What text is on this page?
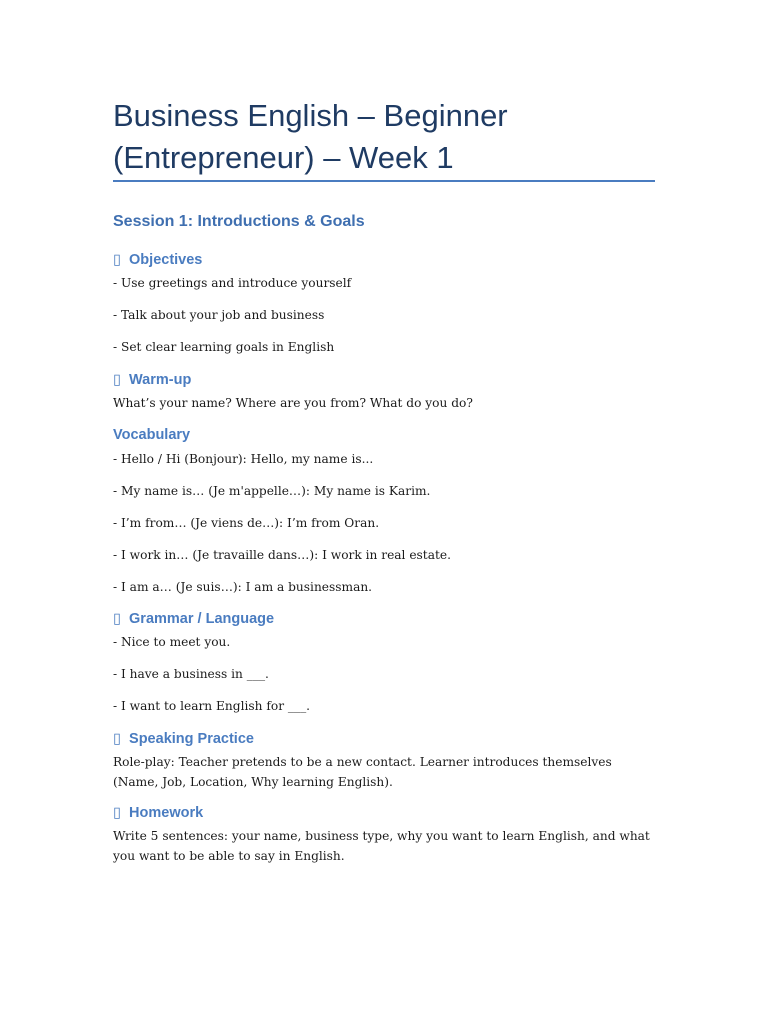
Business English – Beginner
(Entrepreneur) – Week 1
Session 1: Introductions & Goals
▯ Objectives

- Use greetings and introduce yourself

- Talk about your job and business

- Set clear learning goals in English

▯ Warm-up

What’s your name? Where are you from? What do you do?

Vocabulary

- Hello / Hi (Bonjour): Hello, my name is...

- My name is… (Je m'appelle…): My name is Karim.

- I’m from… (Je viens de…): I’m from Oran.

- I work in… (Je travaille dans…): I work in real estate.

- I am a… (Je suis…): I am a businessman.

▯ Grammar / Language

- Nice to meet you.

- I have a business in ___.

- I want to learn English for ___.

▯ Speaking Practice

Role-play: Teacher pretends to be a new contact. Learner introduces themselves (Name, Job, Location, Why learning English).

▯ Homework

Write 5 sentences: your name, business type, why you want to learn English, and what you want to be able to say in English.
